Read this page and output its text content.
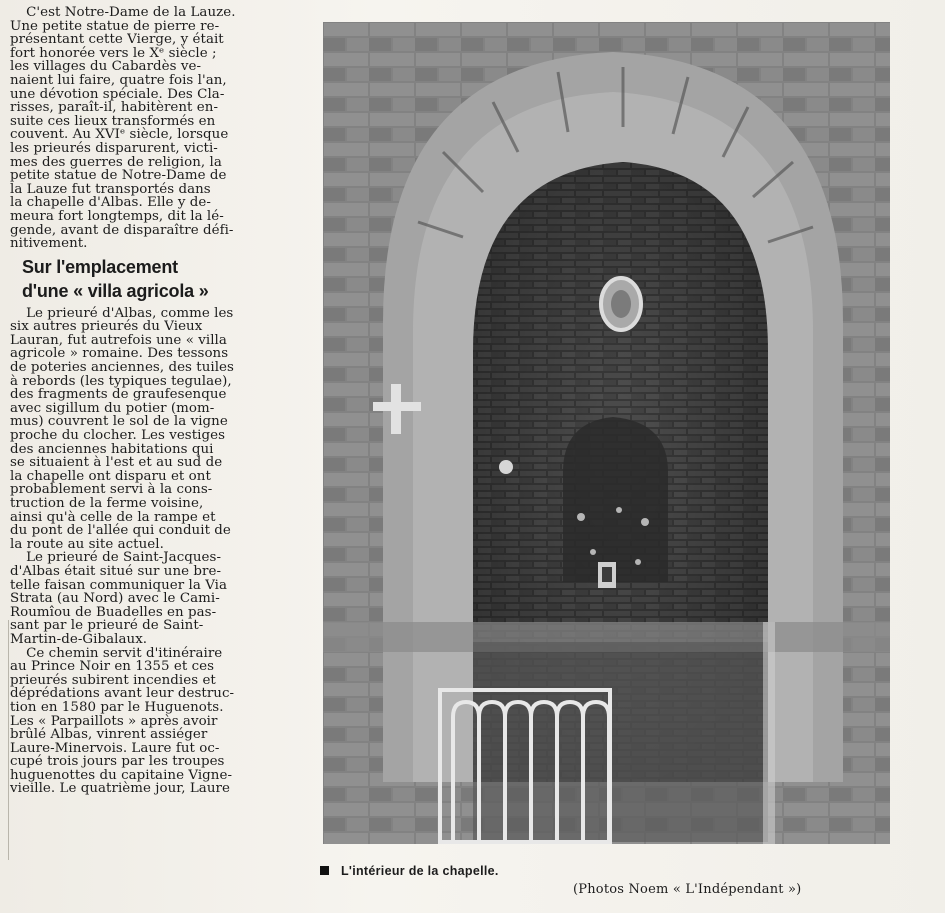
C'est Notre-Dame de la Lauze.
Une petite statue de pierre re-
présentant cette Vierge, y était
fort honorée vers le Xᵉ siècle ;
les villages du Cabardès ve-
naient lui faire, quatre fois l'an,
une dévotion spéciale. Des Cla-
risses, paraît-il, habitèrent en-
suite ces lieux transformés en
couvent. Au XVIᵉ siècle, lorsque
les prieurés disparurent, victi-
mes des guerres de religion, la
petite statue de Notre-Dame de
la Lauze fut transportés dans
la chapelle d'Albas. Elle y de-
meura fort longtemps, dit la lé-
gende, avant de disparaître défi-
nitivement.

Sur l'emplacement
d'une « villa agricola »

Le prieuré d'Albas, comme les
six autres prieurés du Vieux
Lauran, fut autrefois une « villa
agricole » romaine. Des tessons
de poteries anciennes, des tuiles
à rebords (les typiques tegulae),
des fragments de graufesenque
avec sigillum du potier (mom-
mus) couvrent le sol de la vigne
proche du clocher. Les vestiges
des anciennes habitations qui
se situaient à l'est et au sud de
la chapelle ont disparu et ont
probablement servi à la cons-
truction de la ferme voisine,
ainsi qu'à celle de la rampe et
du pont de l'allée qui conduit de
la route au site actuel.

Le prieuré de Saint-Jacques-
d'Albas était situé sur une bre-
telle faisan communiquer la Via
Strata (au Nord) avec le Cami-
Roumîou de Buadelles en pas-
sant par le prieuré de Saint-
Martin-de-Gibalaux.

Ce chemin servit d'itinéraire
au Prince Noir en 1355 et ces
prieurés subirent incendies et
déprédations avant leur destruc-
tion en 1580 par le Huguenots.
Les « Parpaillots » après avoir
brûlé Albas, vinrent assiéger
Laure-Minervois. Laure fut oc-
cupé trois jours par les troupes
huguenottes du capitaine Vigne-
vieille. Le quatrième jour, Laure

L'intérieur de la chapelle.
(Photos Noem « L'Indépendant »)
